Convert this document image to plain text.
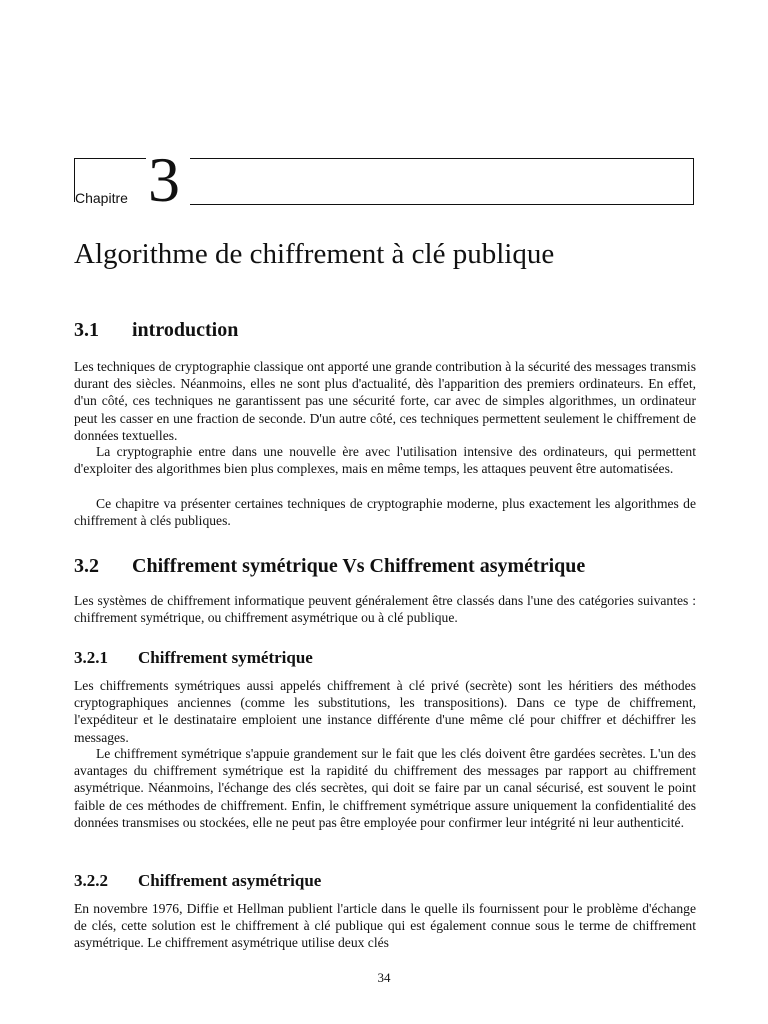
Chapitre 3
Algorithme de chiffrement à clé publique
3.1 introduction

Les techniques de cryptographie classique ont apporté une grande contribution à la sécurité des messages transmis durant des siècles. Néanmoins, elles ne sont plus d'actualité, dès l'apparition des premiers ordinateurs. En effet, d'un côté, ces techniques ne garantissent pas une sécurité forte, car avec de simples algorithmes, un ordinateur peut les casser en une fraction de seconde. D'un autre côté, ces techniques permettent seulement le chiffrement de données textuelles.

La cryptographie entre dans une nouvelle ère avec l'utilisation intensive des ordinateurs, qui permettent d'exploiter des algorithmes bien plus complexes, mais en même temps, les attaques peuvent être automatisées.

Ce chapitre va présenter certaines techniques de cryptographie moderne, plus exactement les algorithmes de chiffrement à clés publiques.

3.2 Chiffrement symétrique Vs Chiffrement asymétrique

Les systèmes de chiffrement informatique peuvent généralement être classés dans l'une des catégories suivantes : chiffrement symétrique, ou chiffrement asymétrique ou à clé publique.

3.2.1 Chiffrement symétrique

Les chiffrements symétriques aussi appelés chiffrement à clé privé (secrète) sont les héritiers des méthodes cryptographiques anciennes (comme les substitutions, les transpositions). Dans ce type de chiffrement, l'expéditeur et le destinataire emploient une instance différente d'une même clé pour chiffrer et déchiffrer les messages.

Le chiffrement symétrique s'appuie grandement sur le fait que les clés doivent être gardées secrètes. L'un des avantages du chiffrement symétrique est la rapidité du chiffrement des messages par rapport au chiffrement asymétrique. Néanmoins, l'échange des clés secrètes, qui doit se faire par un canal sécurisé, est souvent le point faible de ces méthodes de chiffrement. Enfin, le chiffrement symétrique assure uniquement la confidentialité des données transmises ou stockées, elle ne peut pas être employée pour confirmer leur intégrité ni leur authenticité.

3.2.2 Chiffrement asymétrique

En novembre 1976, Diffie et Hellman publient l'article dans le quelle ils fournissent pour le problème d'échange de clés, cette solution est le chiffrement à clé publique qui est également connue sous le terme de chiffrement asymétrique. Le chiffrement asymétrique utilise deux clés

34
